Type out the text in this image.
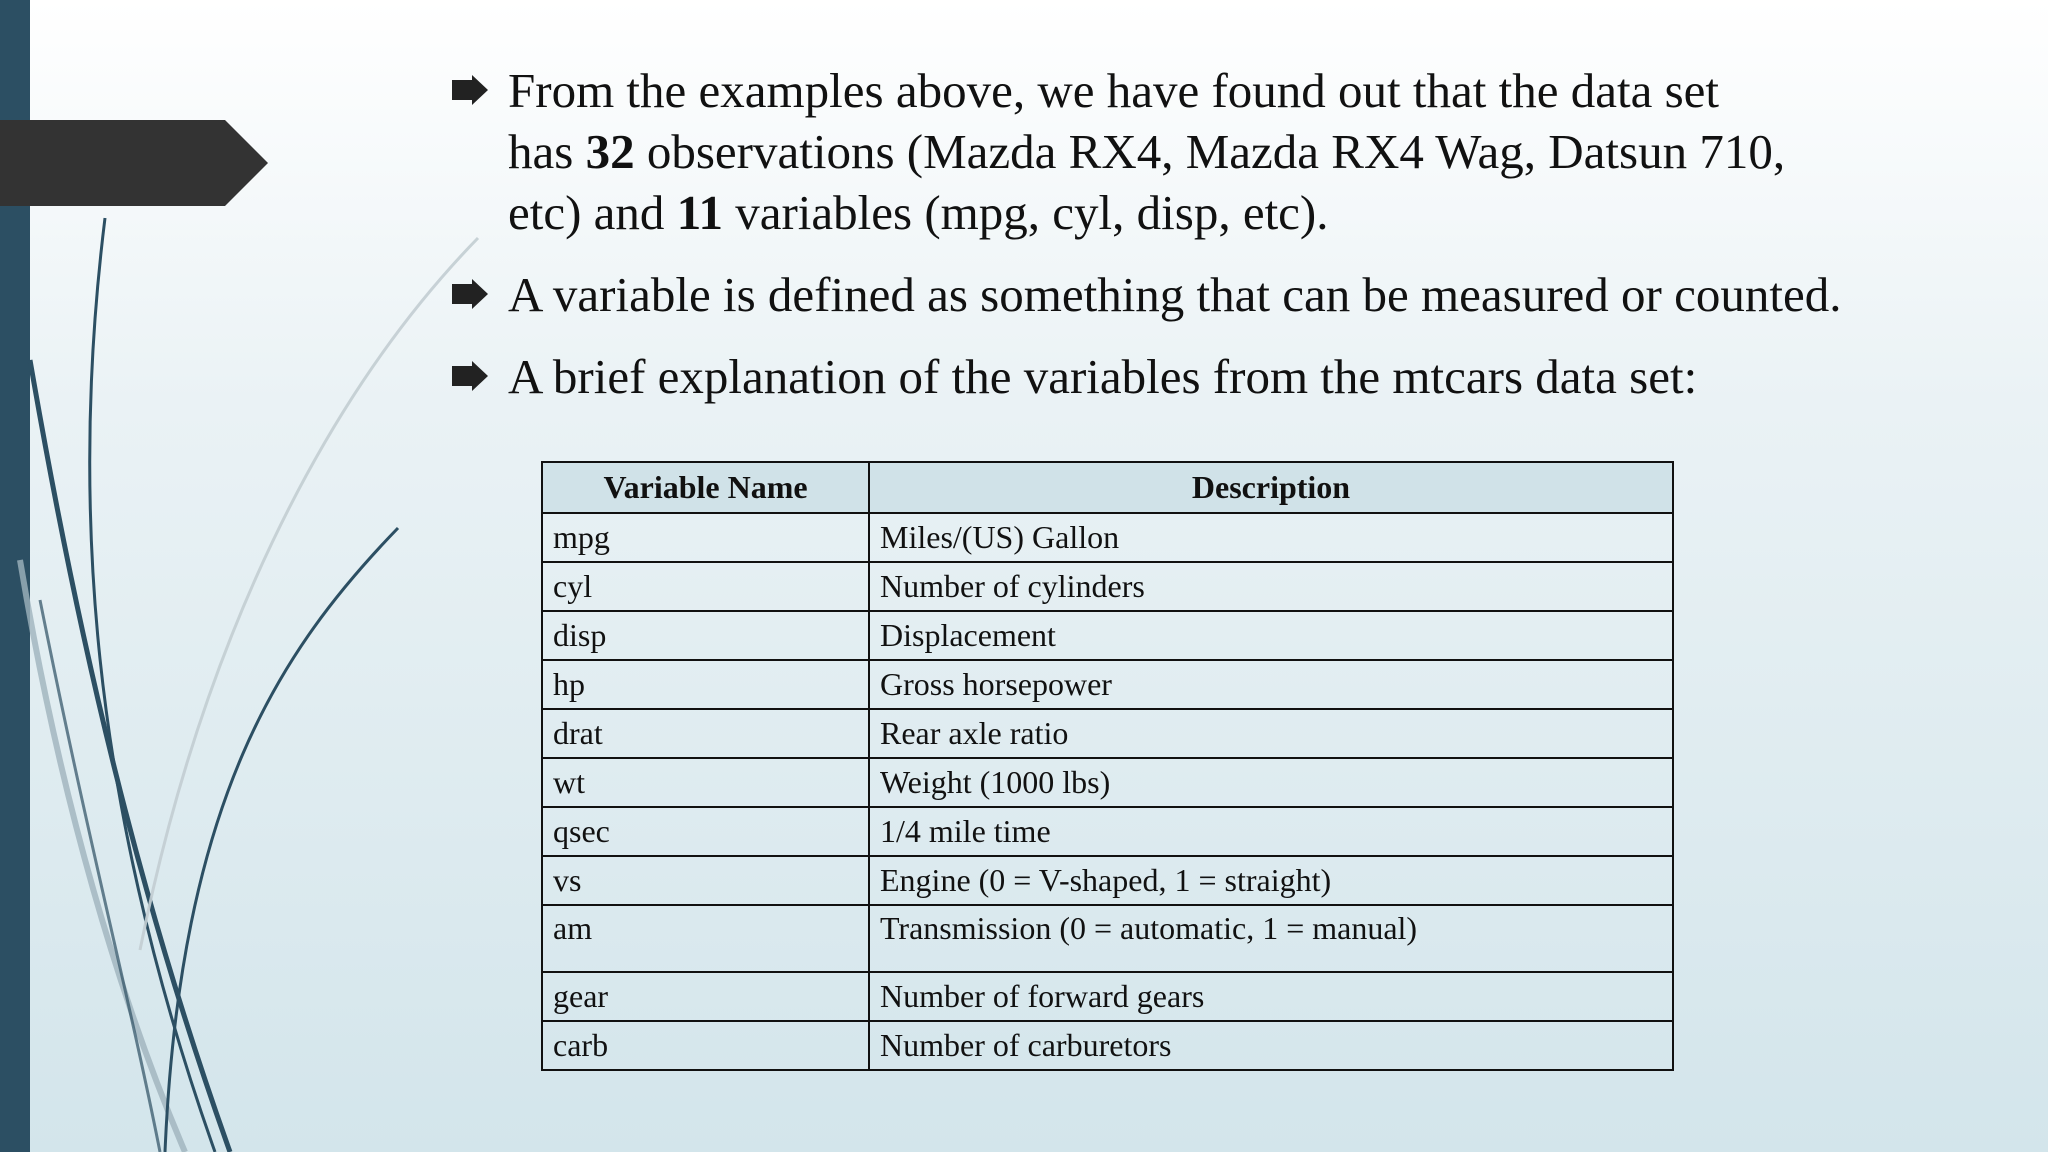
From the examples above, we have found out that the data set
has 32 observations (Mazda RX4, Mazda RX4 Wag, Datsun 710,
etc) and 11 variables (mpg, cyl, disp, etc).
A variable is defined as something that can be measured or counted.
A brief explanation of the variables from the mtcars data set:
Variable Name	Description
mpg	Miles/(US) Gallon
cyl	Number of cylinders
disp	Displacement
hp	Gross horsepower
drat	Rear axle ratio
wt	Weight (1000 lbs)
qsec	1/4 mile time
vs	Engine (0 = V-shaped, 1 = straight)
am	Transmission (0 = automatic, 1 = manual)
gear	Number of forward gears
carb	Number of carburetors
